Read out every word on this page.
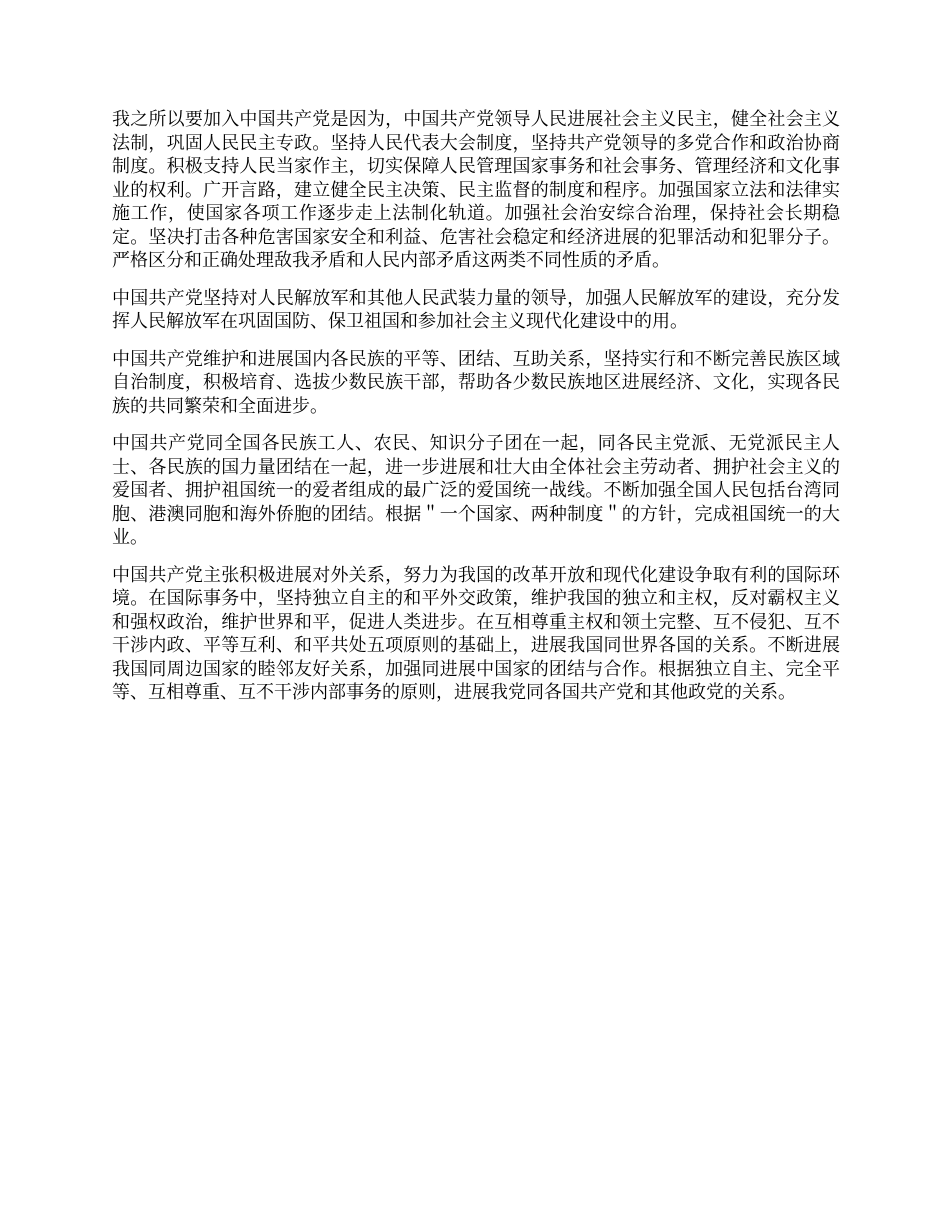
我之所以要加入中国共产党是因为，中国共产党领导人民进展社会主义民主，健全社会主义法制，巩固人民民主专政。坚持人民代表大会制度，坚持共产党领导的多党合作和政治协商制度。积极支持人民当家作主，切实保障人民管理国家事务和社会事务、管理经济和文化事业的权利。广开言路，建立健全民主决策、民主监督的制度和程序。加强国家立法和法律实施工作，使国家各项工作逐步走上法制化轨道。加强社会治安综合治理，保持社会长期稳定。坚决打击各种危害国家安全和利益、危害社会稳定和经济进展的犯罪活动和犯罪分子。严格区分和正确处理敌我矛盾和人民内部矛盾这两类不同性质的矛盾。

中国共产党坚持对人民解放军和其他人民武装力量的领导，加强人民解放军的建设，充分发挥人民解放军在巩固国防、保卫祖国和参加社会主义现代化建设中的用。

中国共产党维护和进展国内各民族的平等、团结、互助关系，坚持实行和不断完善民族区域自治制度，积极培育、选拔少数民族干部，帮助各少数民族地区进展经济、文化，实现各民族的共同繁荣和全面进步。

中国共产党同全国各民族工人、农民、知识分子团在一起，同各民主党派、无党派民主人士、各民族的国力量团结在一起，进一步进展和壮大由全体社会主劳动者、拥护社会主义的爱国者、拥护祖国统一的爱者组成的最广泛的爱国统一战线。不断加强全国人民包括台湾同胞、港澳同胞和海外侨胞的团结。根据＂一个国家、两种制度＂的方针，完成祖国统一的大业。

中国共产党主张积极进展对外关系，努力为我国的改革开放和现代化建设争取有利的国际环境。在国际事务中，坚持独立自主的和平外交政策，维护我国的独立和主权，反对霸权主义和强权政治，维护世界和平，促进人类进步。在互相尊重主权和领土完整、互不侵犯、互不干涉内政、平等互利、和平共处五项原则的基础上，进展我国同世界各国的关系。不断进展我国同周边国家的睦邻友好关系，加强同进展中国家的团结与合作。根据独立自主、完全平等、互相尊重、互不干涉内部事务的原则，进展我党同各国共产党和其他政党的关系。
